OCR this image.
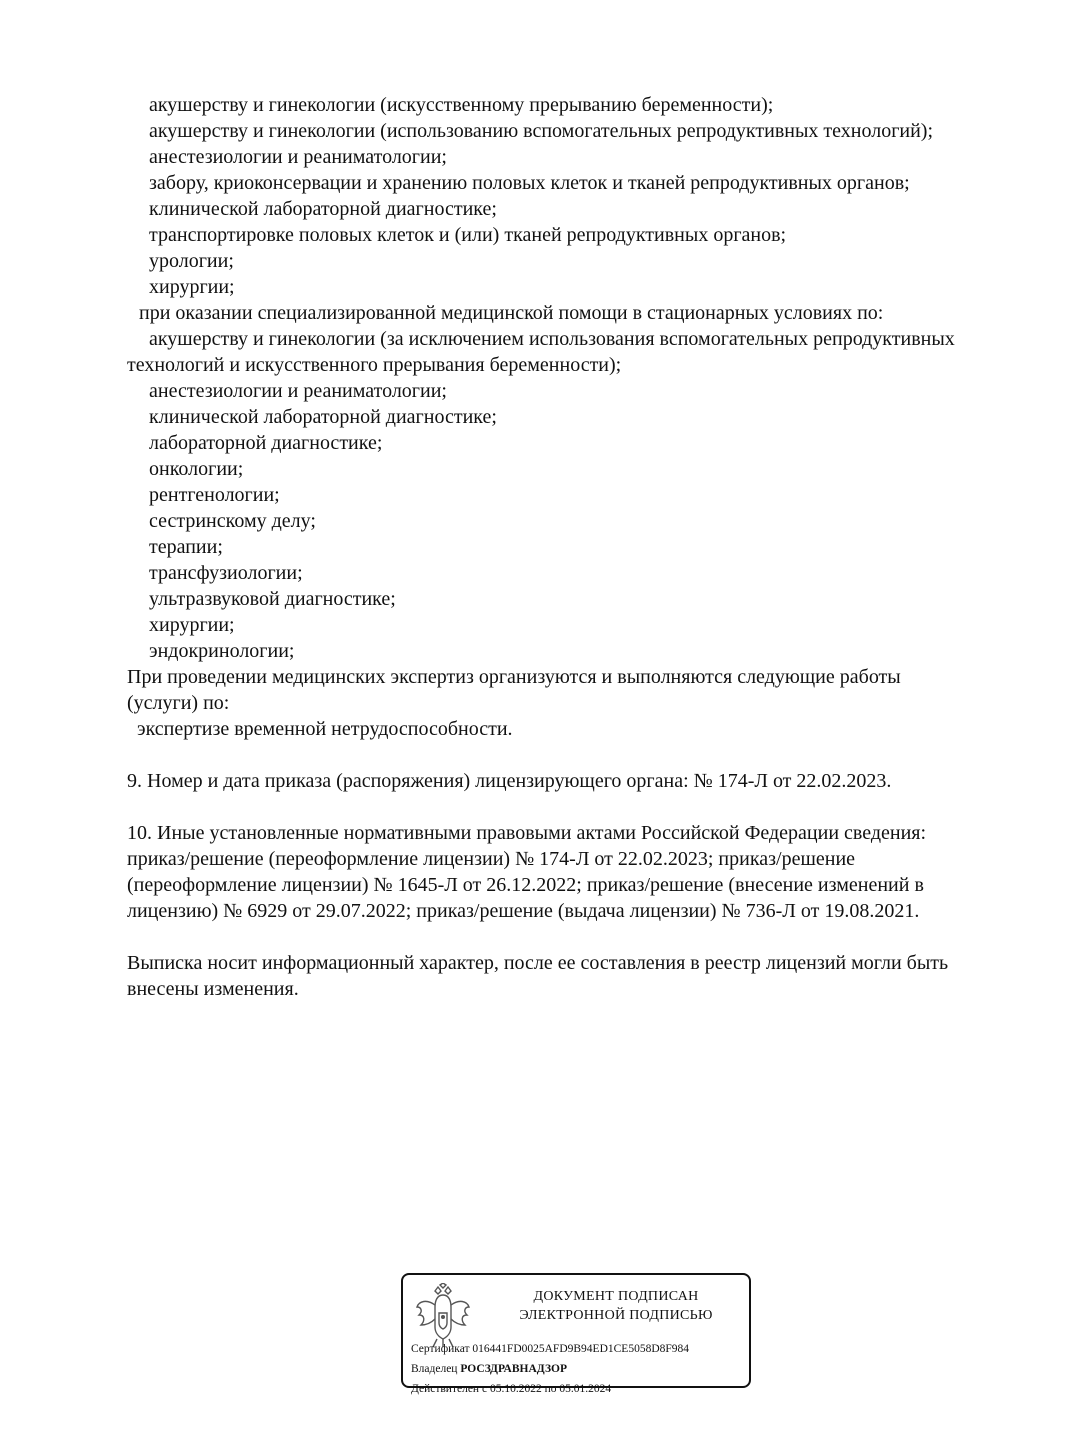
акушерству и гинекологии (искусственному прерыванию беременности);
акушерству и гинекологии (использованию вспомогательных репродуктивных технологий);
анестезиологии и реаниматологии;
забору, криоконсервации и хранению половых клеток и тканей репродуктивных органов;
клинической лабораторной диагностике;
транспортировке половых клеток и (или) тканей репродуктивных органов;
урологии;
хирургии;
при оказании специализированной медицинской помощи в стационарных условиях по:
акушерству и гинекологии (за исключением использования вспомогательных репродуктивных
технологий и искусственного прерывания беременности);
анестезиологии и реаниматологии;
клинической лабораторной диагностике;
лабораторной диагностике;
онкологии;
рентгенологии;
сестринскому делу;
терапии;
трансфузиологии;
ультразвуковой диагностике;
хирургии;
эндокринологии;
При проведении медицинских экспертиз организуются и выполняются следующие работы
(услуги) по:
экспертизе временной нетрудоспособности.
9. Номер и дата приказа (распоряжения) лицензирующего органа: № 174-Л от 22.02.2023.
10. Иные установленные нормативными правовыми актами Российской Федерации сведения:
приказ/решение (переоформление лицензии) № 174-Л от 22.02.2023; приказ/решение
(переоформление лицензии) № 1645-Л от 26.12.2022; приказ/решение (внесение изменений в
лицензию) № 6929 от 29.07.2022; приказ/решение (выдача лицензии) № 736-Л от 19.08.2021.
Выписка носит информационный характер, после ее составления в реестр лицензий могли быть
внесены изменения.
ДОКУМЕНТ ПОДПИСАН
ЭЛЕКТРОННОЙ ПОДПИСЬЮ
Сертификат 016441FD0025AFD9B94ED1CE5058D8F984
Владелец РОСЗДРАВНАДЗОР
Действителен с 05.10.2022 по 05.01.2024
